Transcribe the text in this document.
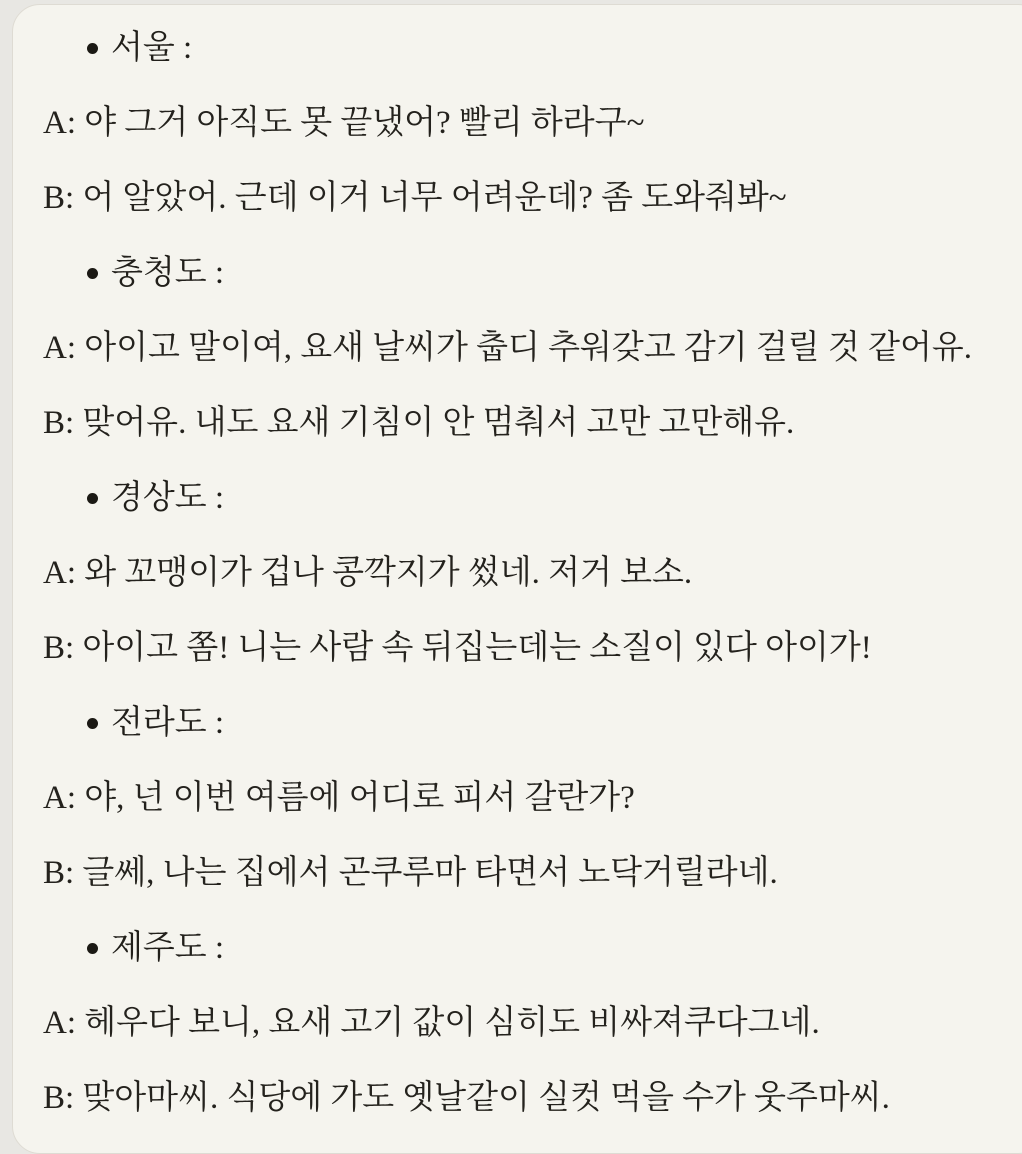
서울 :

A: 야 그거 아직도 못 끝냈어? 빨리 하라구~

B: 어 알았어. 근데 이거 너무 어려운데? 좀 도와줘봐~

충청도 :

A: 아이고 말이여, 요새 날씨가 춥디 추워갖고 감기 걸릴 것 같어유.

B: 맞어유. 내도 요새 기침이 안 멈춰서 고만 고만해유.

경상도 :

A: 와 꼬맹이가 겁나 콩깍지가 썼네. 저거 보소.

B: 아이고 쫌! 니는 사람 속 뒤집는데는 소질이 있다 아이가!

전라도 :

A: 야, 넌 이번 여름에 어디로 피서 갈란가?

B: 글쎄, 나는 집에서 곤쿠루마 타면서 노닥거릴라네.

제주도 :

A: 헤우다 보니, 요새 고기 값이 심히도 비싸져쿠다그네.

B: 맞아마씨. 식당에 가도 옛날같이 실컷 먹을 수가 웃주마씨.
